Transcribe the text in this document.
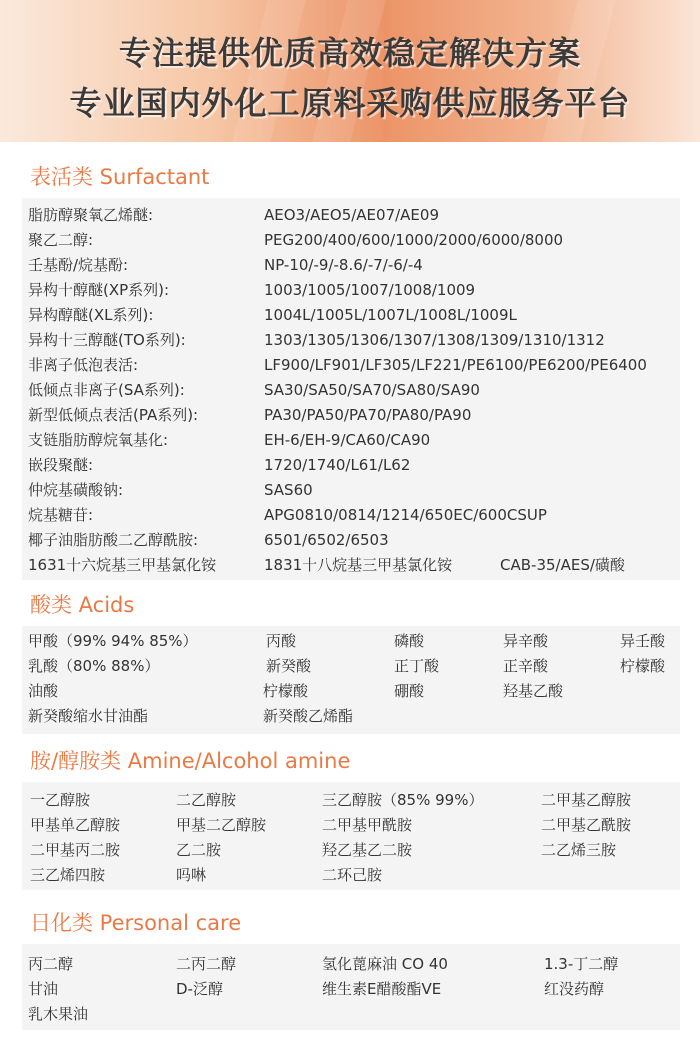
专注提供优质高效稳定解决方案
专业国内外化工原料采购供应服务平台
表活类 Surfactant
脂肪醇聚氧乙烯醚:	AEO3/AEO5/AE07/AE09
聚乙二醇:	PEG200/400/600/1000/2000/6000/8000
壬基酚/烷基酚:	NP-10/-9/-8.6/-7/-6/-4
异构十醇醚(XP系列):	1003/1005/1007/1008/1009
异构醇醚(XL系列):	1004L/1005L/1007L/1008L/1009L
异构十三醇醚(TO系列):	1303/1305/1306/1307/1308/1309/1310/1312
非离子低泡表活:	LF900/LF901/LF305/LF221/PE6100/PE6200/PE6400
低倾点非离子(SA系列):	SA30/SA50/SA70/SA80/SA90
新型低倾点表活(PA系列):	PA30/PA50/PA70/PA80/PA90
支链脂肪醇烷氧基化:	EH-6/EH-9/CA60/CA90
嵌段聚醚:	1720/1740/L61/L62
仲烷基磺酸钠:	SAS60
烷基糖苷:	APG0810/0814/1214/650EC/600CSUP
椰子油脂肪酸二乙醇酰胺:	6501/6502/6503
1631十六烷基三甲基氯化铵	1831十八烷基三甲基氯化铵	CAB-35/AES/磺酸
酸类 Acids
甲酸（99% 94% 85%）	丙酸	磷酸	异辛酸	异壬酸
乳酸（80% 88%）	新癸酸	正丁酸	正辛酸	柠檬酸
油酸	柠檬酸	硼酸	羟基乙酸
新癸酸缩水甘油酯	新癸酸乙烯酯
胺/醇胺类 Amine/Alcohol amine
一乙醇胺	二乙醇胺	三乙醇胺（85% 99%）	二甲基乙醇胺
甲基单乙醇胺	甲基二乙醇胺	二甲基甲酰胺	二甲基乙酰胺
二甲基丙二胺	乙二胺	羟乙基乙二胺	二乙烯三胺
三乙烯四胺	吗啉	二环己胺
日化类 Personal care
丙二醇	二丙二醇	氢化蓖麻油 CO 40	1.3-丁二醇
甘油	D-泛醇	维生素E醋酸酯VE	红没药醇
乳木果油
